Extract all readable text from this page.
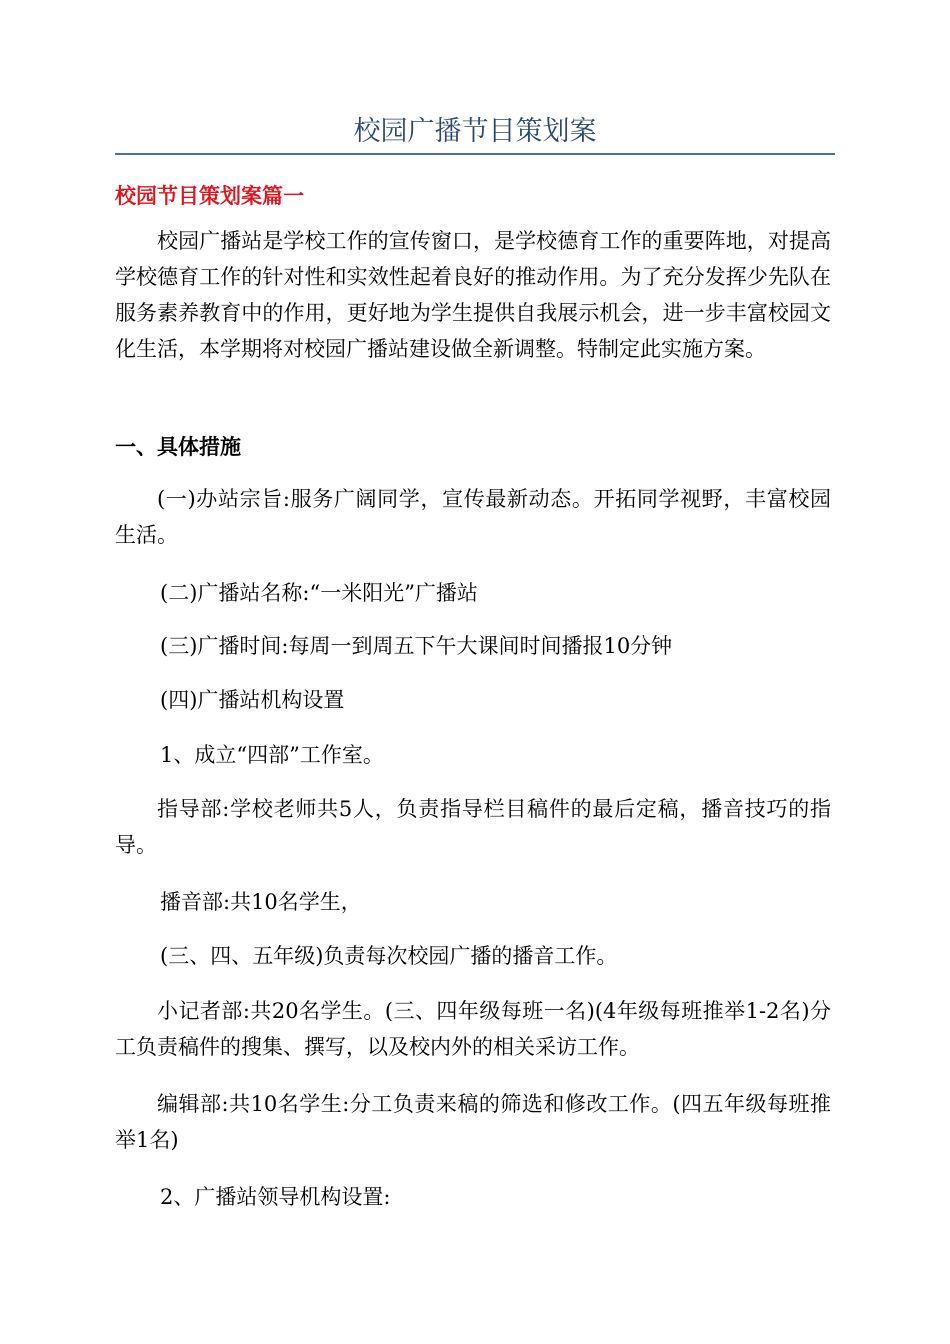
校园广播节目策划案
校园节目策划案篇一

校园广播站是学校工作的宣传窗口，是学校德育工作的重要阵地，对提高学校德育工作的针对性和实效性起着良好的推动作用。为了充分发挥少先队在服务素养教育中的作用，更好地为学生提供自我展示机会，进一步丰富校园文化生活，本学期将对校园广播站建设做全新调整。特制定此实施方案。

一、具体措施

(一)办站宗旨:服务广阔同学，宣传最新动态。开拓同学视野，丰富校园生活。

(二)广播站名称:“一米阳光”广播站
(三)广播时间:每周一到周五下午大课间时间播报10分钟
(四)广播站机构设置
1、成立“四部”工作室。

指导部:学校老师共5人，负责指导栏目稿件的最后定稿，播音技巧的指导。

播音部:共10名学生，
(三、四、五年级)负责每次校园广播的播音工作。

小记者部:共20名学生。(三、四年级每班一名)(4年级每班推举1-2名)分工负责稿件的搜集、撰写，以及校内外的相关采访工作。

编辑部:共10名学生:分工负责来稿的筛选和修改工作。(四五年级每班推举1名)

2、广播站领导机构设置:
